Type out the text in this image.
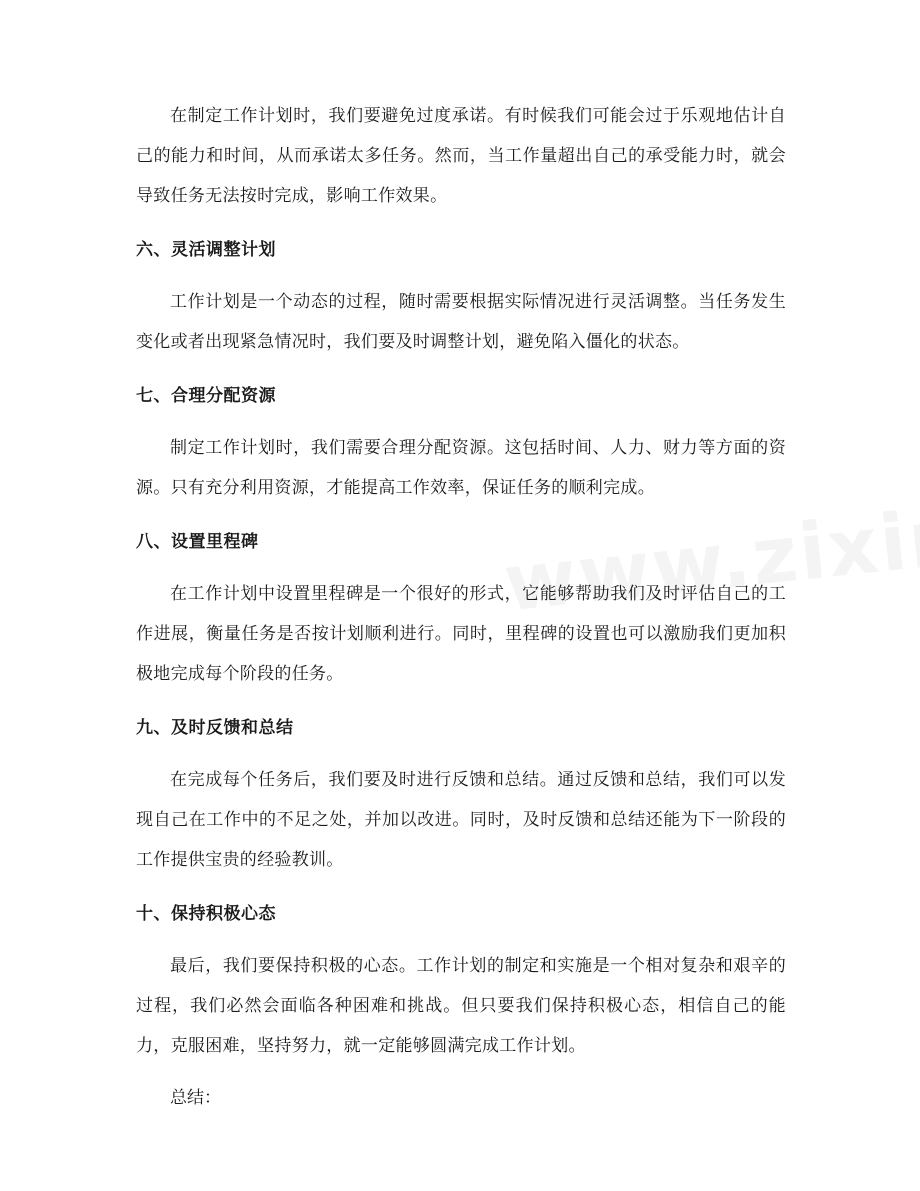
在制定工作计划时，我们要避免过度承诺。有时候我们可能会过于乐观地估计自己的能力和时间，从而承诺太多任务。然而，当工作量超出自己的承受能力时，就会导致任务无法按时完成，影响工作效果。

六、灵活调整计划

工作计划是一个动态的过程，随时需要根据实际情况进行灵活调整。当任务发生变化或者出现紧急情况时，我们要及时调整计划，避免陷入僵化的状态。

七、合理分配资源

制定工作计划时，我们需要合理分配资源。这包括时间、人力、财力等方面的资源。只有充分利用资源，才能提高工作效率，保证任务的顺利完成。

八、设置里程碑

在工作计划中设置里程碑是一个很好的形式，它能够帮助我们及时评估自己的工作进展，衡量任务是否按计划顺利进行。同时，里程碑的设置也可以激励我们更加积极地完成每个阶段的任务。

九、及时反馈和总结

在完成每个任务后，我们要及时进行反馈和总结。通过反馈和总结，我们可以发现自己在工作中的不足之处，并加以改进。同时，及时反馈和总结还能为下一阶段的工作提供宝贵的经验教训。

十、保持积极心态

最后，我们要保持积极的心态。工作计划的制定和实施是一个相对复杂和艰辛的过程，我们必然会面临各种困难和挑战。但只要我们保持积极心态，相信自己的能力，克服困难，坚持努力，就一定能够圆满完成工作计划。

总结：
